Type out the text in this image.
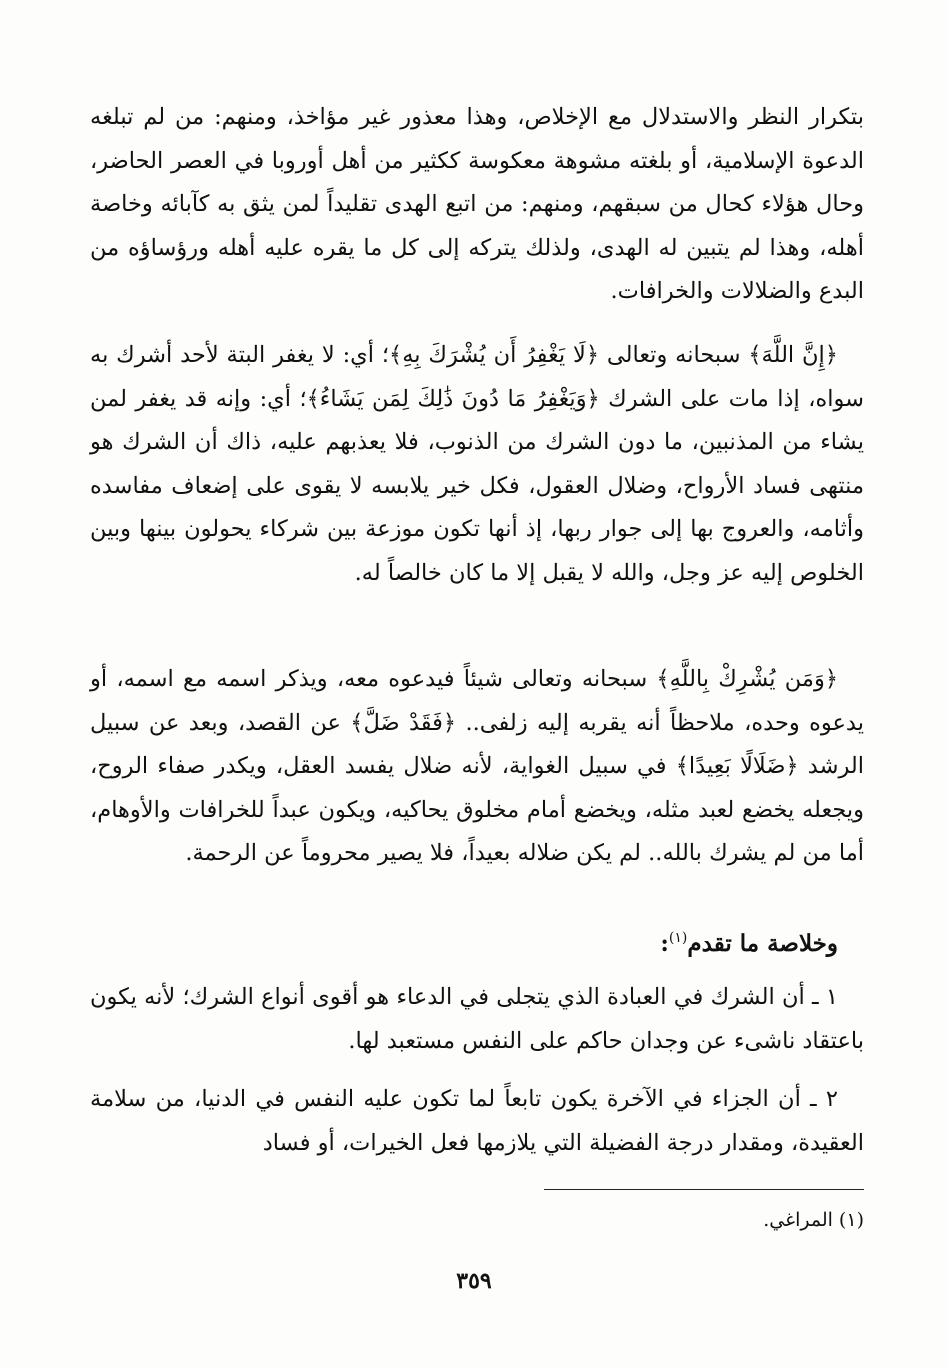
بتكرار النظر والاستدلال مع الإخلاص، وهذا معذور غير مؤاخذ، ومنهم: من لم تبلغه الدعوة الإسلامية، أو بلغته مشوهة معكوسة ككثير من أهل أوروبا في العصر الحاضر، وحال هؤلاء كحال من سبقهم، ومنهم: من اتبع الهدى تقليداً لمن يثق به كآبائه وخاصة أهله، وهذا لم يتبين له الهدى، ولذلك يتركه إلى كل ما يقره عليه أهله ورؤساؤه من البدع والضلالات والخرافات.

﴿إِنَّ اللَّهَ﴾ سبحانه وتعالى ﴿لَا يَغْفِرُ أَن يُشْرَكَ بِهِ﴾؛ أي: لا يغفر البتة لأحد أشرك به سواه، إذا مات على الشرك ﴿وَيَغْفِرُ مَا دُونَ ذَٰلِكَ لِمَن يَشَاءُ﴾؛ أي: وإنه قد يغفر لمن يشاء من المذنبين، ما دون الشرك من الذنوب، فلا يعذبهم عليه، ذاك أن الشرك هو منتهى فساد الأرواح، وضلال العقول، فكل خير يلابسه لا يقوى على إضعاف مفاسده وأثامه، والعروج بها إلى جوار ربها، إذ أنها تكون موزعة بين شركاء يحولون بينها وبين الخلوص إليه عز وجل، والله لا يقبل إلا ما كان خالصاً له.

﴿وَمَن يُشْرِكْ بِاللَّهِ﴾ سبحانه وتعالى شيئاً فيدعوه معه، ويذكر اسمه مع اسمه، أو يدعوه وحده، ملاحظاً أنه يقربه إليه زلفى.. ﴿فَقَدْ ضَلَّ﴾ عن القصد، وبعد عن سبيل الرشد ﴿ضَلَالًا بَعِيدًا﴾ في سبيل الغواية، لأنه ضلال يفسد العقل، ويكدر صفاء الروح، ويجعله يخضع لعبد مثله، ويخضع أمام مخلوق يحاكيه، ويكون عبداً للخرافات والأوهام، أما من لم يشرك بالله.. لم يكن ضلاله بعيداً، فلا يصير محروماً عن الرحمة.

وخلاصة ما تقدم$^{(١)}$:

١ ـ أن الشرك في العبادة الذي يتجلى في الدعاء هو أقوى أنواع الشرك؛ لأنه يكون باعتقاد ناشىء عن وجدان حاكم على النفس مستعبد لها.

٢ ـ أن الجزاء في الآخرة يكون تابعاً لما تكون عليه النفس في الدنيا، من سلامة العقيدة، ومقدار درجة الفضيلة التي يلازمها فعل الخيرات، أو فساد

(١) المراغي.

٣٥٩
